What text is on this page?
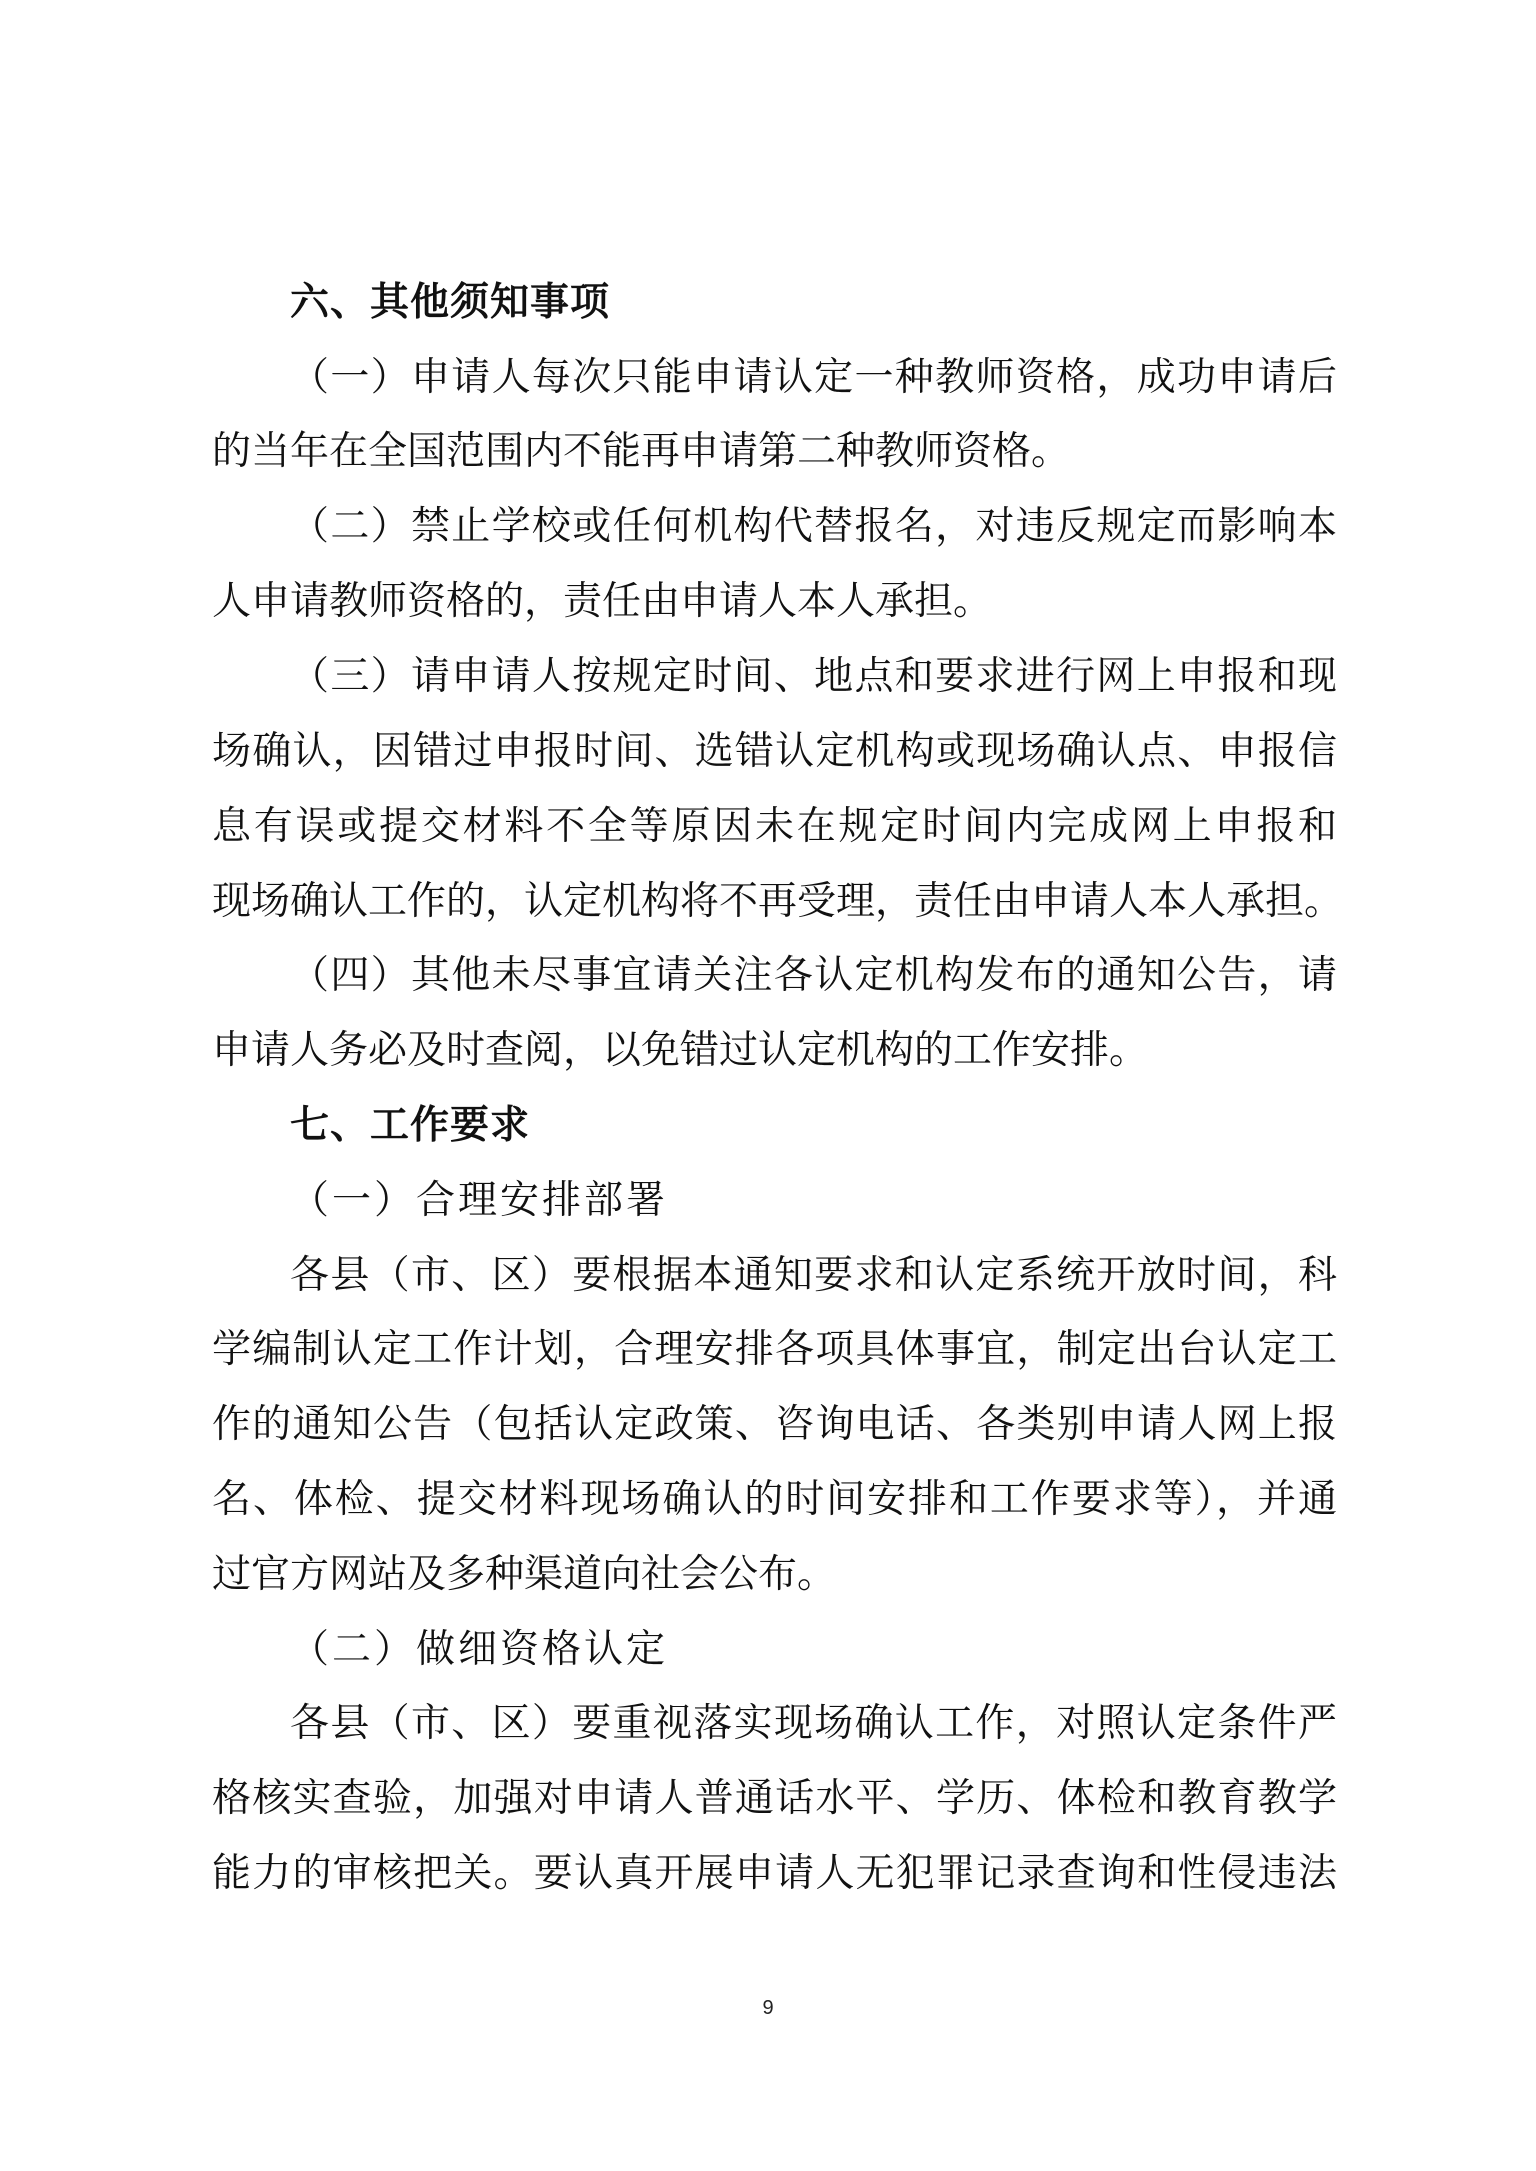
六、其他须知事项
（一）申请人每次只能申请认定一种教师资格，成功申请后
的当年在全国范围内不能再申请第二种教师资格。
（二）禁止学校或任何机构代替报名，对违反规定而影响本
人申请教师资格的，责任由申请人本人承担。
（三）请申请人按规定时间、地点和要求进行网上申报和现
场确认，因错过申报时间、选错认定机构或现场确认点、申报信
息有误或提交材料不全等原因未在规定时间内完成网上申报和
现场确认工作的，认定机构将不再受理，责任由申请人本人承担。
（四）其他未尽事宜请关注各认定机构发布的通知公告，请
申请人务必及时查阅，以免错过认定机构的工作安排。
七、工作要求
（一）合理安排部署
各县（市、区）要根据本通知要求和认定系统开放时间，科
学编制认定工作计划，合理安排各项具体事宜，制定出台认定工
作的通知公告（包括认定政策、咨询电话、各类别申请人网上报
名、体检、提交材料现场确认的时间安排和工作要求等），并通
过官方网站及多种渠道向社会公布。
（二）做细资格认定
各县（市、区）要重视落实现场确认工作，对照认定条件严
格核实查验，加强对申请人普通话水平、学历、体检和教育教学
能力的审核把关。要认真开展申请人无犯罪记录查询和性侵违法
9
